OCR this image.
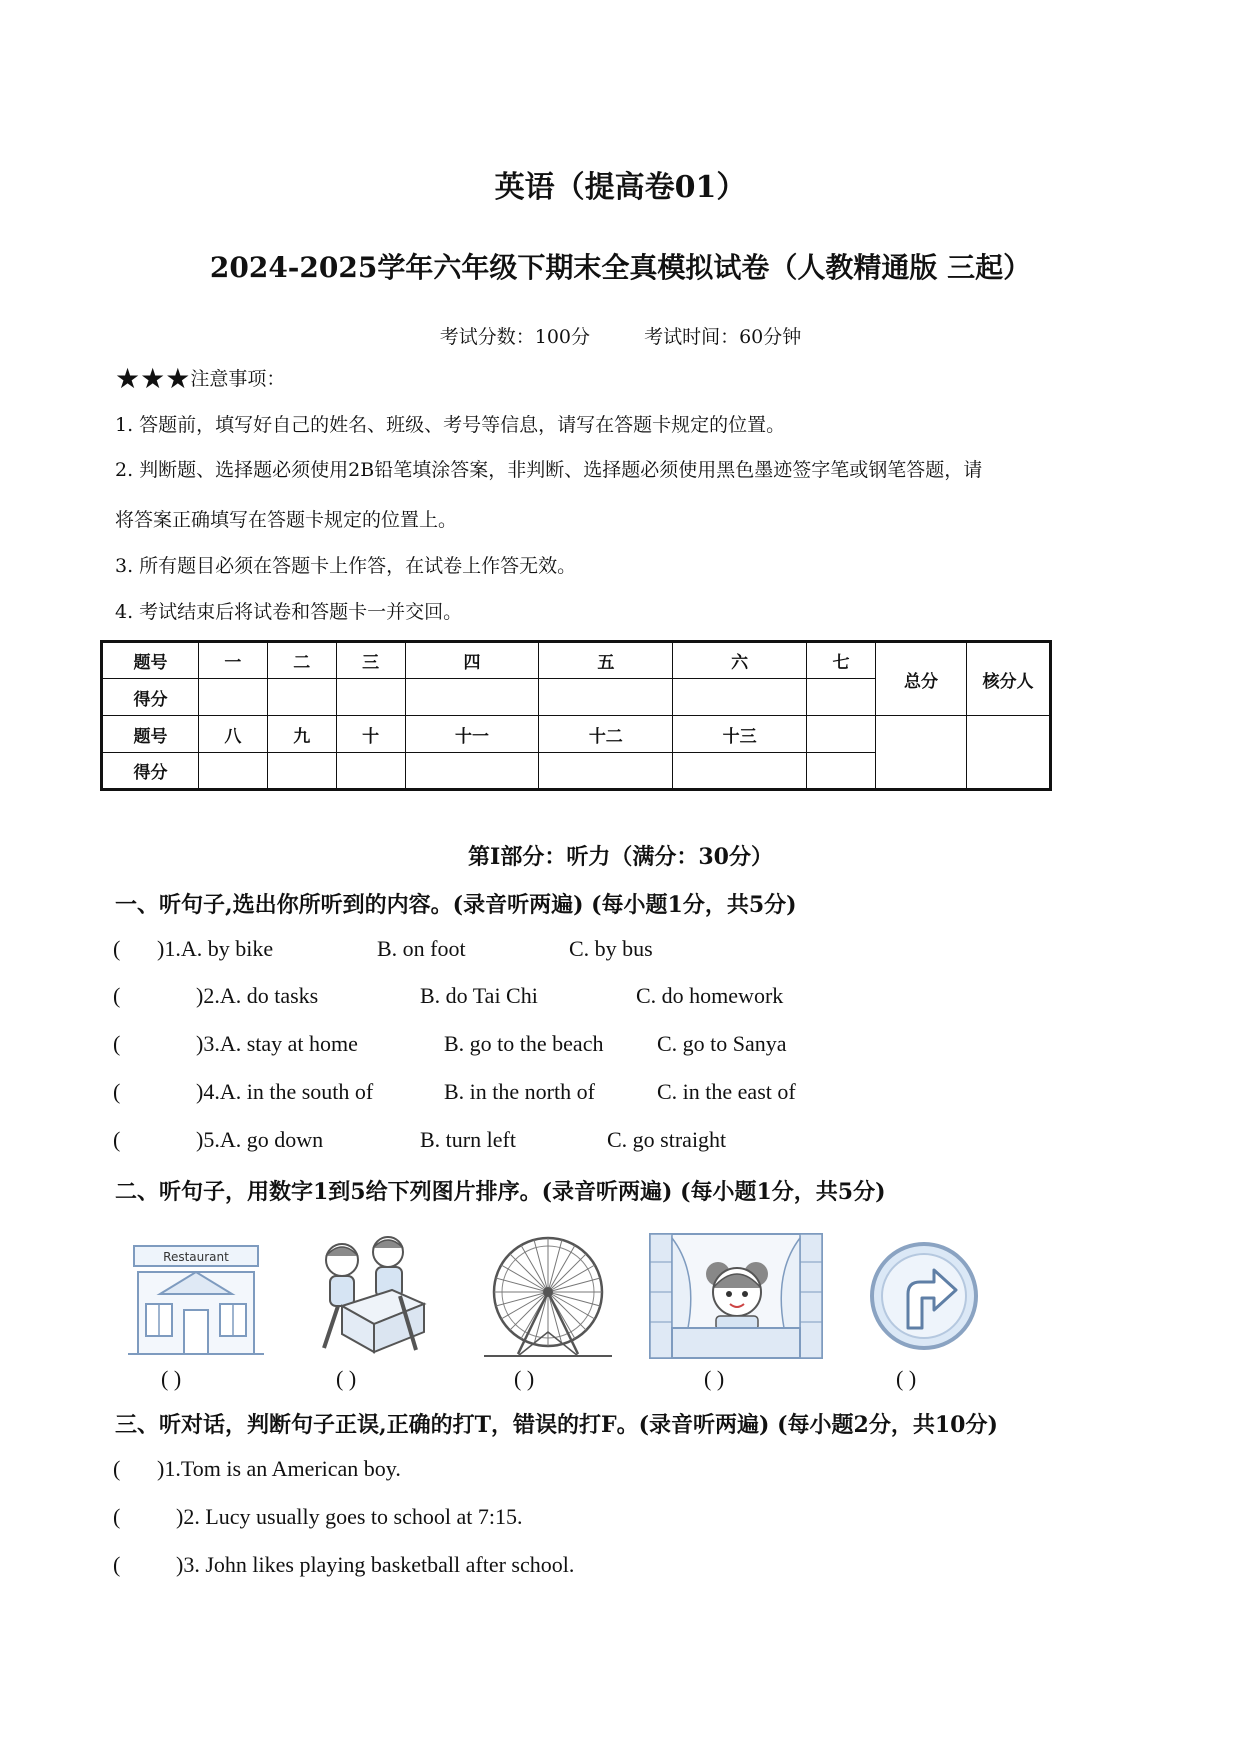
英语（提高卷01）
2024-2025学年六年级下期末全真模拟试卷（人教精通版 三起）
考试分数：100分	考试时间：60分钟
★★★注意事项：
1. 答题前，填写好自己的姓名、班级、考号等信息，请写在答题卡规定的位置。
2. 判断题、选择题必须使用2B铅笔填涂答案，非判断、选择题必须使用黑色墨迹签字笔或钢笔答题，请
将答案正确填写在答题卡规定的位置上。
3. 所有题目必须在答题卡上作答，在试卷上作答无效。
4. 考试结束后将试卷和答题卡一并交回。
题号	一	二	三	四	五	六	七	总分	核分人
得分									
题号	八	九	十	十一	十二	十三			
得分									
第Ⅰ部分：听力（满分：30分）
一、听句子,选出你所听到的内容。(录音听两遍) (每小题1分，共5分)
( )1.A. by bike	B. on foot	C. by bus
(	)2.A. do tasks	B. do Tai Chi	C. do homework
(	)3.A. stay at home	B. go to the beach C. go to Sanya
(	)4.A. in the south of	B. in the north of	C. in the east of
(	)5.A. go down	B. turn left	C. go straight
二、听句子，用数字1到5给下列图片排序。(录音听两遍) (每小题1分，共5分)
Restaurant
( )	( )	( )	( )	( )
三、听对话，判断句子正误,正确的打T，错误的打F。(录音听两遍) (每小题2分，共10分)
( )1.Tom is an American boy.
(	)2. Lucy usually goes to school at 7:15.
(	)3. John likes playing basketball after school.
